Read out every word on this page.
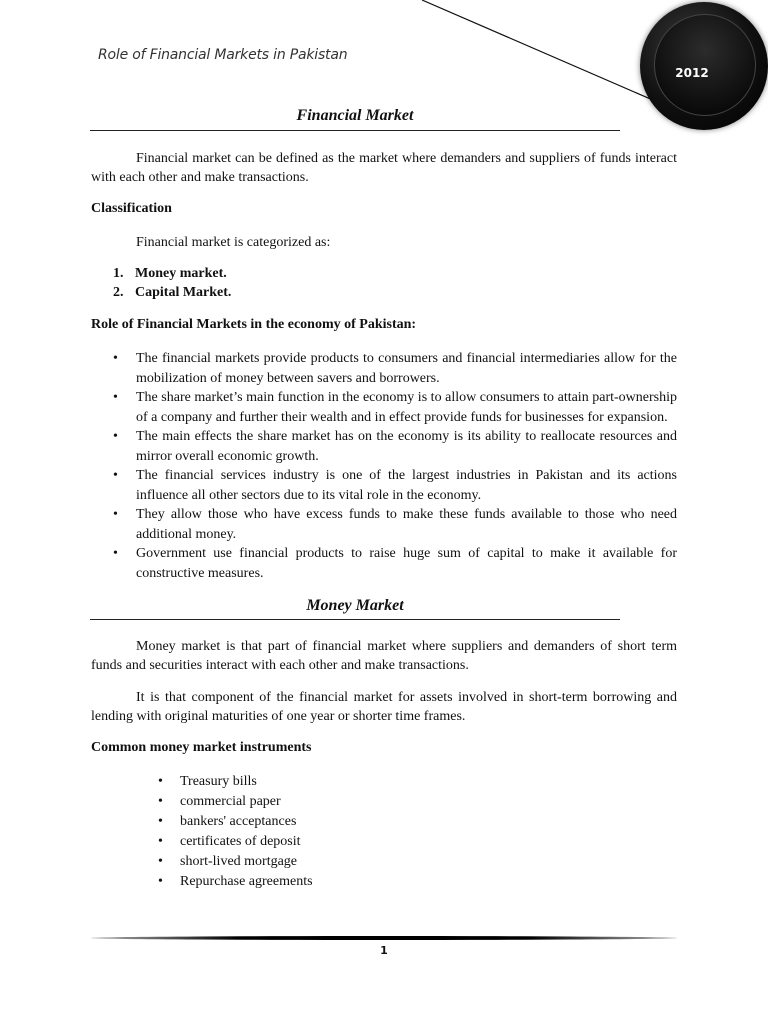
Role of Financial Markets in Pakistan
2012
Financial Market

Financial market can be defined as the market where demanders and suppliers of funds interact with each other and make transactions.

Classification

Financial market is categorized as:

1. Money market.
2. Capital Market.
Role of Financial Markets in the economy of Pakistan:
• The financial markets provide products to consumers and financial intermediaries allow for the mobilization of money between savers and borrowers.
• The share market’s main function in the economy is to allow consumers to attain part-ownership of a company and further their wealth and in effect provide funds for businesses for expansion.
• The main effects the share market has on the economy is its ability to reallocate resources and mirror overall economic growth.
• The financial services industry is one of the largest industries in Pakistan and its actions influence all other sectors due to its vital role in the economy.
• They allow those who have excess funds to make these funds available to those who need additional money.
• Government use financial products to raise huge sum of capital to make it available for constructive measures.
Money Market

Money market is that part of financial market where suppliers and demanders of short term funds and securities interact with each other and make transactions.

It is that component of the financial market for assets involved in short-term borrowing and lending with original maturities of one year or shorter time frames.

Common money market instruments
• Treasury bills
• commercial paper
• bankers' acceptances
• certificates of deposit
• short-lived mortgage
• Repurchase agreements
1
